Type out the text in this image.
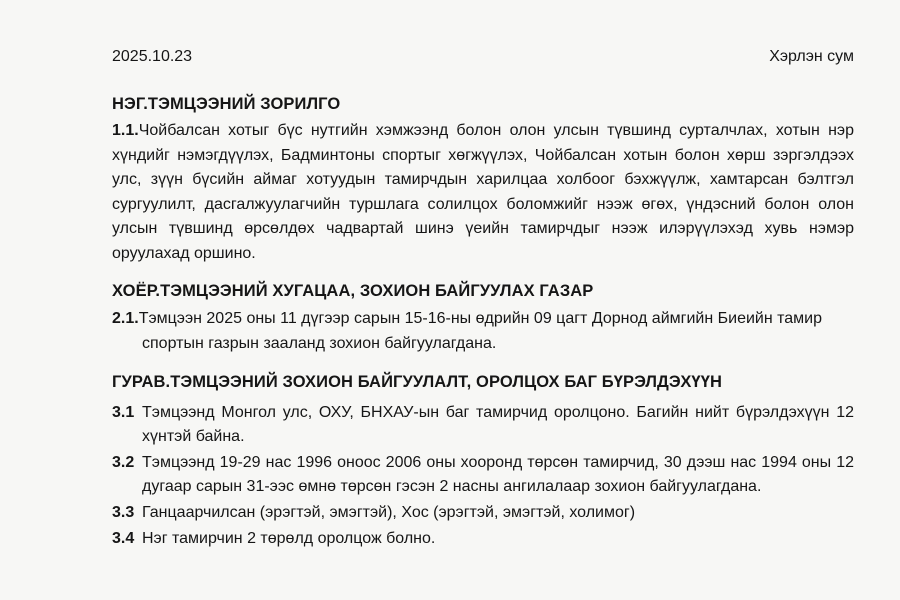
2025.10.23	Хэрлэн сум
НЭГ.ТЭМЦЭЭНИЙ ЗОРИЛГО

1.1.Чойбалсан хотыг бүс нутгийн хэмжээнд болон олон улсын түвшинд сурталчлах, хотын нэр хүндийг нэмэгдүүлэх, Бадминтоны спортыг хөгжүүлэх, Чойбалсан хотын болон хөрш зэргэлдээх улс, зүүн бүсийн аймаг хотуудын тамирчдын харилцаа холбоог бэхжүүлж, хамтарсан бэлтгэл сургуулилт, дасгалжуулагчийн туршлага солилцох боломжийг нээж өгөх, үндэсний болон олон улсын түвшинд өрсөлдөх чадвартай шинэ үеийн тамирчдыг нээж илэрүүлэхэд хувь нэмэр оруулахад оршино.

ХОЁР.ТЭМЦЭЭНИЙ ХУГАЦАА, ЗОХИОН БАЙГУУЛАХ ГАЗАР

2.1.Тэмцээн 2025 оны 11 дүгээр сарын 15-16-ны өдрийн 09 цагт Дорнод аймгийн Биеийн тамир спортын газрын зааланд зохион байгуулагдана.

ГУРАВ.ТЭМЦЭЭНИЙ ЗОХИОН БАЙГУУЛАЛТ, ОРОЛЦОХ БАГ БҮРЭЛДЭХҮҮН

3.1 Тэмцээнд Монгол улс, ОХУ, БНХАУ-ын баг тамирчид оролцоно. Багийн нийт бүрэлдэхүүн 12 хүнтэй байна.

3.2 Тэмцээнд 19-29 нас 1996 оноос 2006 оны хооронд төрсөн тамирчид, 30 дээш нас 1994 оны 12 дугаар сарын 31-ээс өмнө төрсөн гэсэн 2 насны ангилалаар зохион байгуулагдана.

3.3 Ганцаарчилсан (эрэгтэй, эмэгтэй), Хос (эрэгтэй, эмэгтэй, холимог)

3.4 Нэг тамирчин 2 төрөлд оролцож болно.
